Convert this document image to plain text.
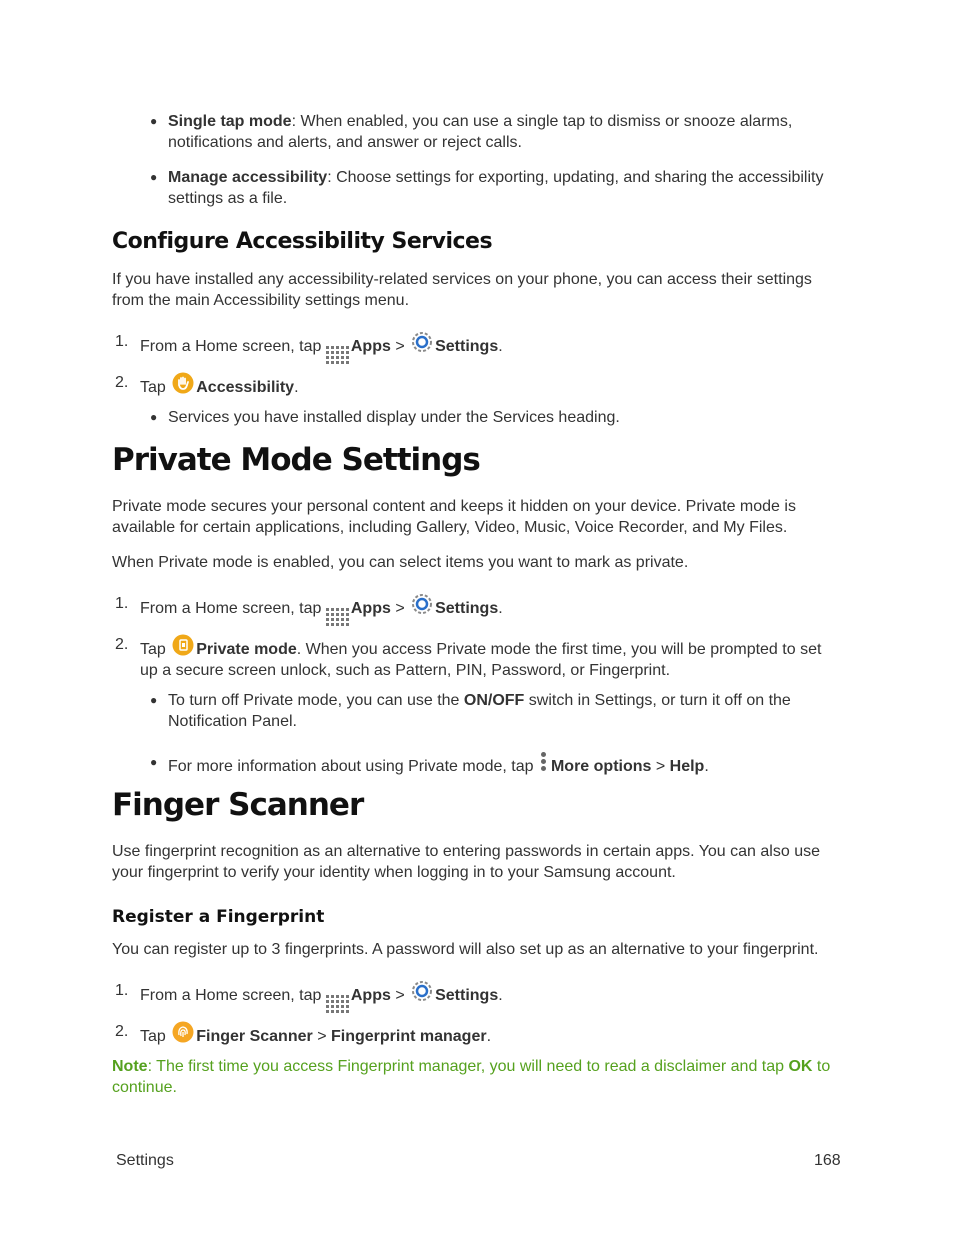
● Single tap mode: When enabled, you can use a single tap to dismiss or snooze alarms, notifications and alerts, and answer or reject calls.
● Manage accessibility: Choose settings for exporting, updating, and sharing the accessibility settings as a file.
Configure Accessibility Services
If you have installed any accessibility-related services on your phone, you can access their settings from the main Accessibility settings menu.
1. From a Home screen, tap Apps > Settings.
2. Tap Accessibility.
● Services you have installed display under the Services heading.
Private Mode Settings
Private mode secures your personal content and keeps it hidden on your device. Private mode is available for certain applications, including Gallery, Video, Music, Voice Recorder, and My Files.
When Private mode is enabled, you can select items you want to mark as private.
1. From a Home screen, tap Apps > Settings.
2. Tap Private mode. When you access Private mode the first time, you will be prompted to set up a secure screen unlock, such as Pattern, PIN, Password, or Fingerprint.
● To turn off Private mode, you can use the ON/OFF switch in Settings, or turn it off on the Notification Panel.
● For more information about using Private mode, tap More options > Help.
Finger Scanner
Use fingerprint recognition as an alternative to entering passwords in certain apps. You can also use your fingerprint to verify your identity when logging in to your Samsung account.
Register a Fingerprint
You can register up to 3 fingerprints. A password will also set up as an alternative to your fingerprint.
1. From a Home screen, tap Apps > Settings.
2. Tap Finger Scanner > Fingerprint manager.
Note: The first time you access Fingerprint manager, you will need to read a disclaimer and tap OK to continue.
Settings	168
